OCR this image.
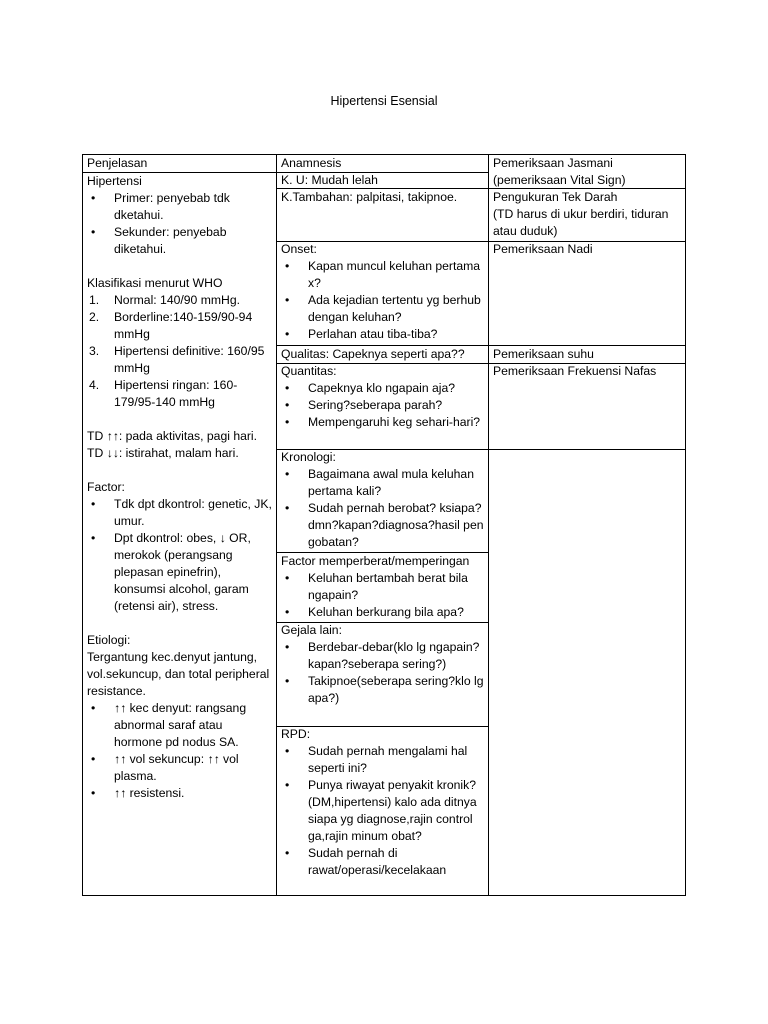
Hipertensi Esensial
Penjelasan	Anamnesis	Pemeriksaan Jasmani

(pemeriksaan Vital Sign)

Hipertensi

• Primer: penyebab tdk dketahui.
• Sekunder: penyebab diketahui.

Klasifikasi menurut WHO

1. Normal: 140/90 mmHg.
2. Borderline:140-159/90-94 mmHg
3. Hipertensi definitive: 160/95 mmHg
4. Hipertensi ringan: 160-179/95-140 mmHg

TD ↑↑: pada aktivitas, pagi hari.

TD ↓↓: istirahat, malam hari.

Factor:

• Tdk dpt dkontrol: genetic, JK, umur.
• Dpt dkontrol: obes, ↓ OR, merokok (perangsang plepasan epinefrin), konsumsi alcohol, garam (retensi air), stress.

Etiologi:

Tergantung kec.denyut jantung, vol.sekuncup, dan total peripheral resistance.

• ↑↑ kec denyut: rangsang abnormal saraf atau hormone pd nodus SA.
• ↑↑ vol sekuncup: ↑↑ vol plasma.
• ↑↑ resistensi.
K. U: Mudah lelah
K.Tambahan: palpitasi, takipnoe.

Onset:

• Kapan muncul keluhan pertama x?
• Ada kejadian tertentu yg berhub dengan keluhan?
• Perlahan atau tiba-tiba?
Qualitas: Capeknya seperti apa??

Quantitas:

• Capeknya klo ngapain aja?
• Sering?seberapa parah?
• Mempengaruhi keg sehari-hari?

Kronologi:

• Bagaimana awal mula keluhan pertama kali?
• Sudah pernah berobat? ksiapa?dmn?kapan?diagnosa?hasil pengobatan?

Factor memperberat/memperingan

• Keluhan bertambah berat bila ngapain?
• Keluhan berkurang bila apa?

Gejala lain:

• Berdebar-debar(klo lg ngapain?kapan?seberapa sering?)
• Takipnoe(seberapa sering?klo lg apa?)

RPD:

• Sudah pernah mengalami hal seperti ini?
• Punya riwayat penyakit kronik?(DM,hipertensi) kalo ada ditnya siapa yg diagnose,rajin control ga,rajin minum obat?
• Sudah pernah di rawat/operasi/kecelakaan

Pengukuran Tek Darah

(TD harus di ukur berdiri, tiduran atau duduk)

Pemeriksaan Nadi
Pemeriksaan suhu
Pemeriksaan Frekuensi Nafas
